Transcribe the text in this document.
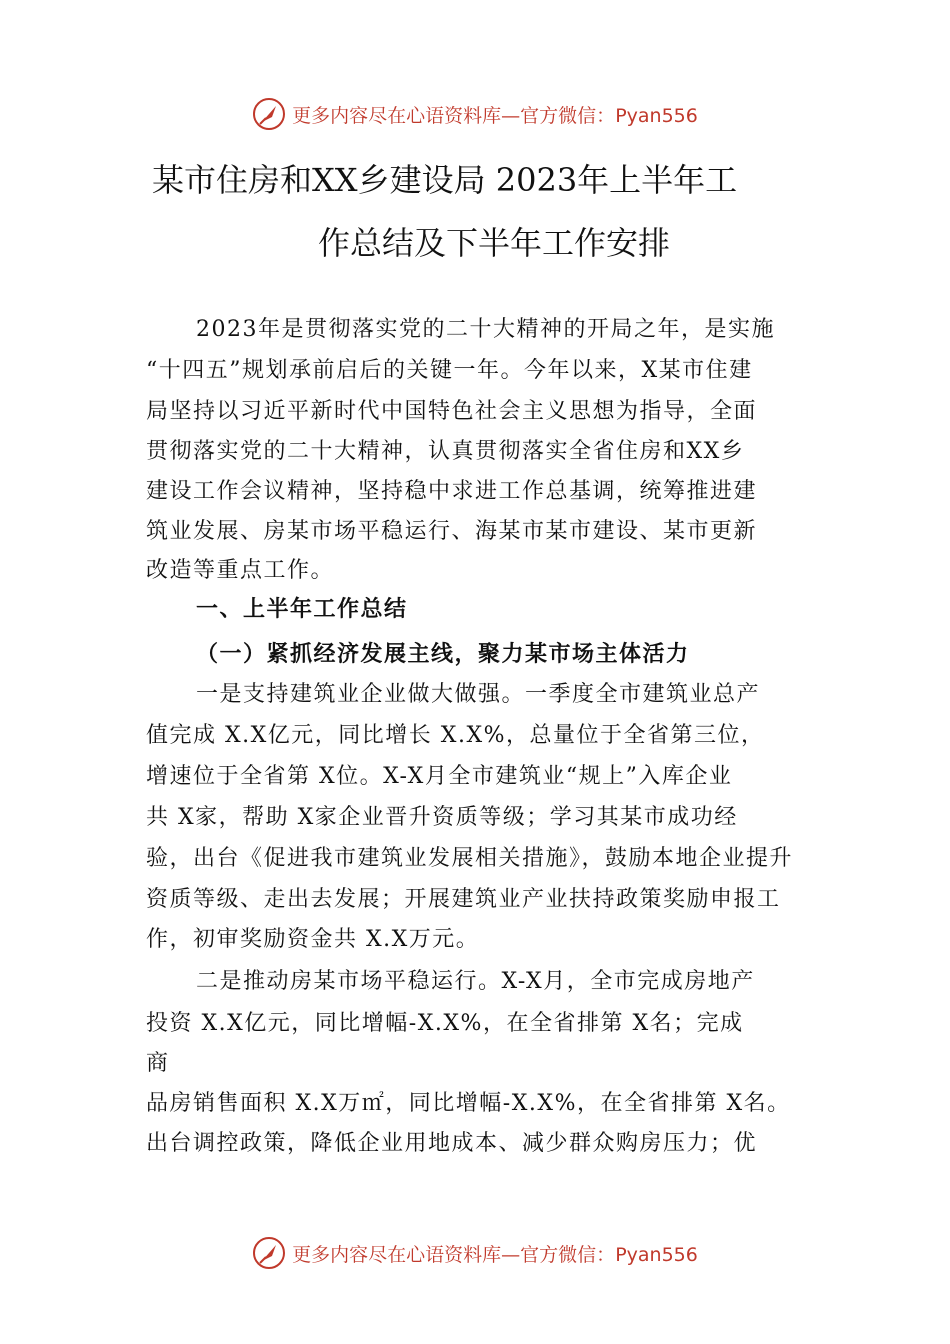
更多内容尽在心语资料库—官方微信：Pyan556
某市住房和XX乡建设局 2023年上半年工
作总结及下半年工作安排
2023年是贯彻落实党的二十大精神的开局之年，是实施
“十四五”规划承前启后的关键一年。今年以来，X某市住建
局坚持以习近平新时代中国特色社会主义思想为指导，全面
贯彻落实党的二十大精神，认真贯彻落实全省住房和XX乡
建设工作会议精神，坚持稳中求进工作总基调，统筹推进建
筑业发展、房某市场平稳运行、海某市某市建设、某市更新
改造等重点工作。
一、上半年工作总结
（一）紧抓经济发展主线，聚力某市场主体活力
一是支持建筑业企业做大做强。一季度全市建筑业总产
值完成 X.X亿元，同比增长 X.X%，总量位于全省第三位，
增速位于全省第 X位。X-X月全市建筑业“规上”入库企业
共 X家，帮助 X家企业晋升资质等级；学习其某市成功经
验，出台《促进我市建筑业发展相关措施》，鼓励本地企业提升
资质等级、走出去发展；开展建筑业产业扶持政策奖励申报工
作，初审奖励资金共 X.X万元。
二是推动房某市场平稳运行。X-X月，全市完成房地产
投资 X.X亿元，同比增幅-X.X%，在全省排第 X名；完成
商
品房销售面积 X.X万㎡，同比增幅-X.X%，在全省排第 X名。
出台调控政策，降低企业用地成本、减少群众购房压力；优
更多内容尽在心语资料库—官方微信：Pyan556
